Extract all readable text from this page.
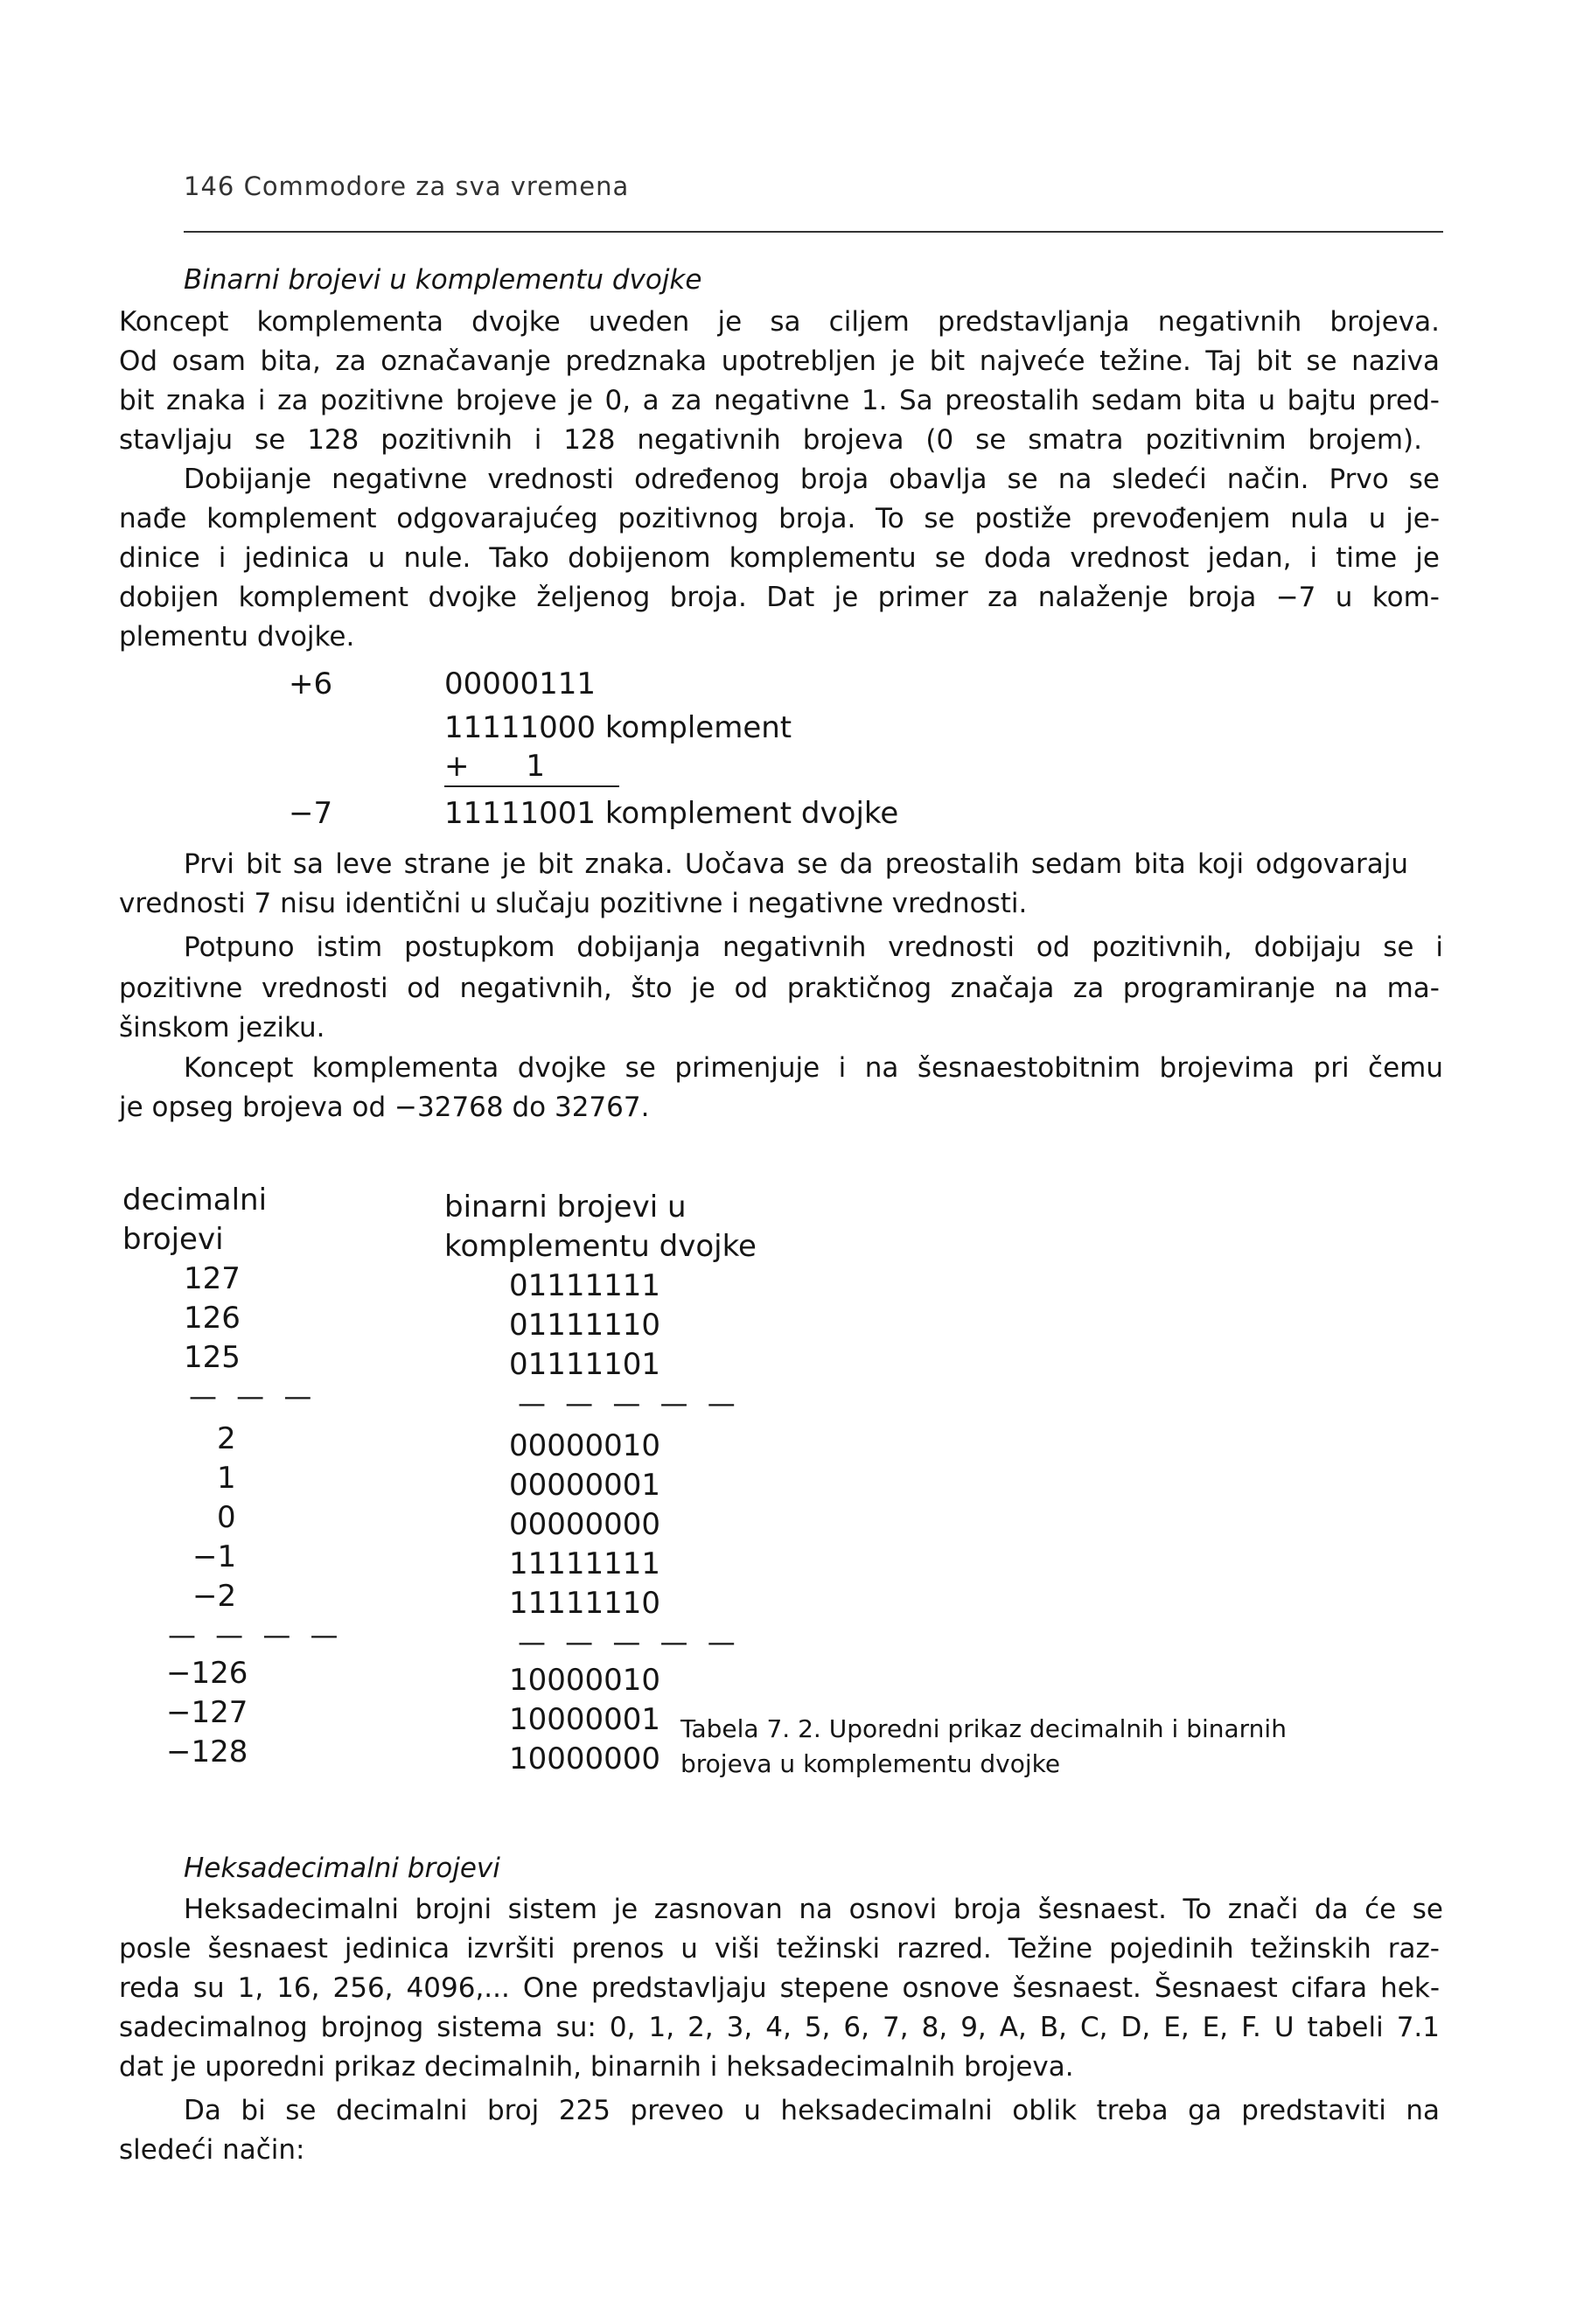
146 Commodore za sva vremena
Binarni brojevi u komplementu dvojke
Koncept komplementa dvojke uveden je sa ciljem predstavljanja negativnih brojeva.
Od osam bita, za označavanje predznaka upotrebljen je bit najveće težine. Taj bit se naziva
bit znaka i za pozitivne brojeve je 0, a za negativne 1. Sa preostalih sedam bita u bajtu pred-
stavljaju se 128 pozitivnih i 128 negativnih brojeva (0 se smatra pozitivnim brojem).
Dobijanje negativne vrednosti određenog broja obavlja se na sledeći način. Prvo se
nađe komplement odgovarajućeg pozitivnog broja. To se postiže prevođenjem nula u je-
dinice i jedinica u nule. Tako dobijenom komplementu se doda vrednost jedan, i time je
dobijen komplement dvojke željenog broja. Dat je primer za nalaženje broja −7 u kom-
plementu dvojke.
+6	00000111
11111000 komplement
+      1
−7	11111001 komplement dvojke
Prvi bit sa leve strane je bit znaka. Uočava se da preostalih sedam bita koji odgovaraju
vrednosti 7 nisu identični u slučaju pozitivne i negativne vrednosti.
Potpuno istim postupkom dobijanja negativnih vrednosti od pozitivnih, dobijaju se i
pozitivne vrednosti od negativnih, što je od praktičnog značaja za programiranje na ma-
šinskom jeziku.
Koncept komplementa dvojke se primenjuje i na šesnaestobitnim brojevima pri čemu
je opseg brojeva od −32768 do 32767.
decimalni
brojevi
binarni brojevi u
komplementu dvojke
127	01111111
126	01111110
125	01111101
— — —	— — — — —
2	00000010
1	00000001
0	00000000
−1	11111111
−2	11111110
— — — —	— — — — —
−126	10000010
−127	10000001
−128	10000000
Tabela 7. 2. Uporedni prikaz decimalnih i binarnih
brojeva u komplementu dvojke
Heksadecimalni brojevi
Heksadecimalni brojni sistem je zasnovan na osnovi broja šesnaest. To znači da će se
posle šesnaest jedinica izvršiti prenos u viši težinski razred. Težine pojedinih težinskih raz-
reda su 1, 16, 256, 4096,... One predstavljaju stepene osnove šesnaest. Šesnaest cifara hek-
sadecimalnog brojnog sistema su: 0, 1, 2, 3, 4, 5, 6, 7, 8, 9, A, B, C, D, E, E, F. U tabeli 7.1
dat je uporedni prikaz decimalnih, binarnih i heksadecimalnih brojeva.
Da bi se decimalni broj 225 preveo u heksadecimalni oblik treba ga predstaviti na
sledeći način:
